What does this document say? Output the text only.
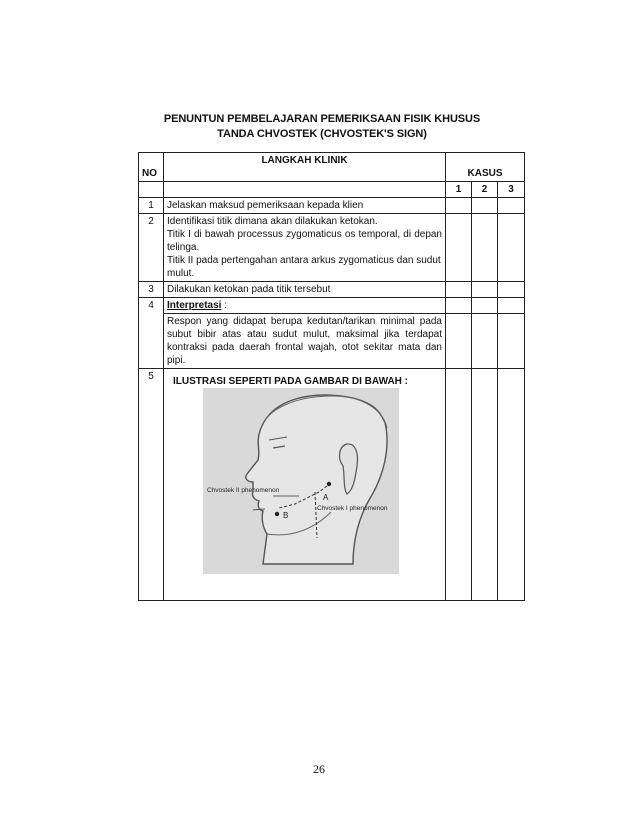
PENUNTUN PEMBELAJARAN PEMERIKSAAN FISIK KHUSUS
TANDA CHVOSTEK (CHVOSTEK'S SIGN)
NO	LANGKAH KLINIK	KASUS		
		1	2	3
1	Jelaskan maksud pemeriksaan kepada klien			
2	Identifikasi titik dimana akan dilakukan ketokan.
Titik I di bawah processus zygomaticus os temporal, di depan telinga.
Titik II pada pertengahan antara arkus zygomaticus dan sudut mulut.			

3	Dilakukan ketokan pada titik tersebut			
4	Interpretasi :			
	Respon yang didapat berupa kedutan/tarikan minimal pada subut bibir atas atau sudut mulut, maksimal jika terdapat kontraksi pada daerah frontal wajah, otot sekitar mata dan pipi.			
5	ILUSTRASI SEPERTI PADA GAMBAR DI BAWAH :
A
B
Chvostek II phenomenon
Chvostek I phenomenon			

26
